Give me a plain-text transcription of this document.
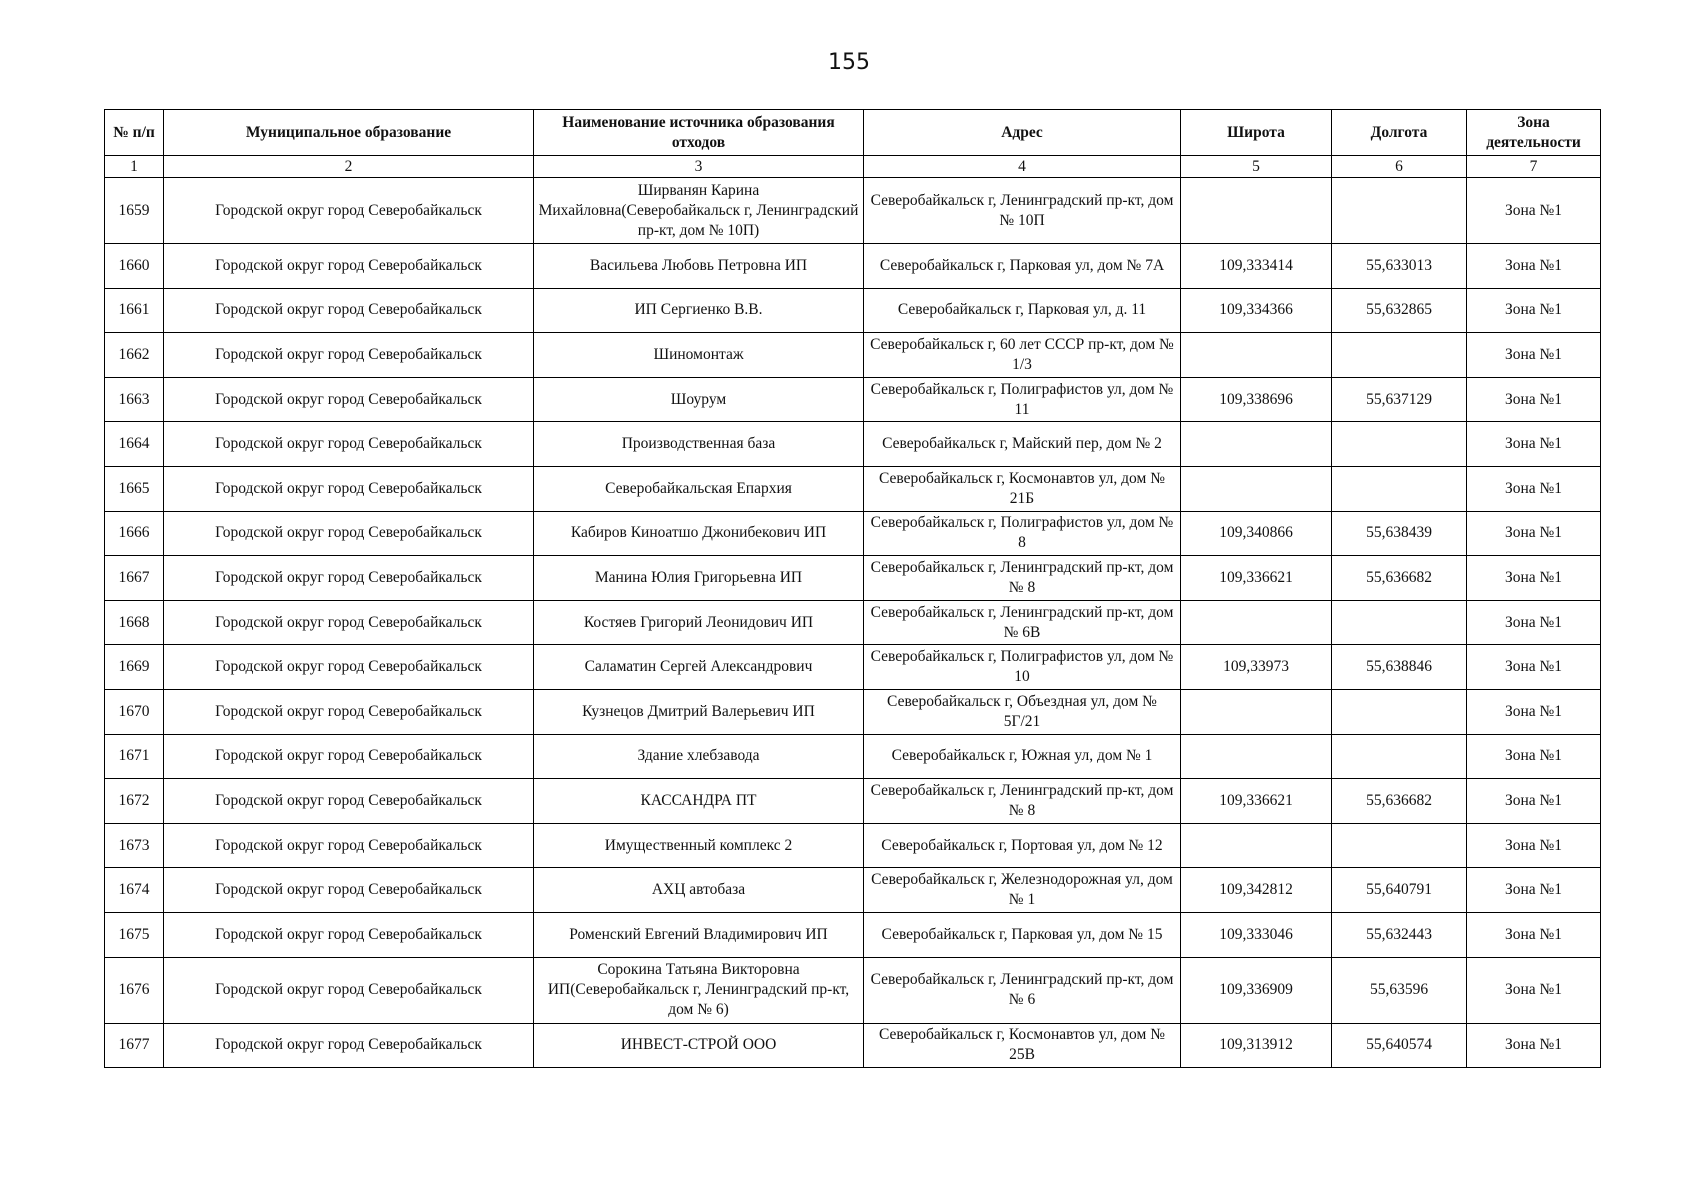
155
№ п/п	Муниципальное образование	Наименование источника образования отходов	Адрес	Широта	Долгота	Зона деятельности
1	2	3	4	5	6	7
1659	Городской округ город Северобайкальск	Ширванян Карина Михайловна(Северобайкальск г, Ленинградский пр-кт, дом № 10П)	Северобайкальск г, Ленинградский пр-кт, дом № 10П			Зона №1
1660	Городской округ город Северобайкальск	Васильева Любовь Петровна ИП	Северобайкальск г, Парковая ул, дом № 7А	109,333414	55,633013	Зона №1
1661	Городской округ город Северобайкальск	ИП Сергиенко В.В.	Северобайкальск г, Парковая ул, д. 11	109,334366	55,632865	Зона №1
1662	Городской округ город Северобайкальск	Шиномонтаж	Северобайкальск г, 60 лет СССР пр-кт, дом № 1/3			Зона №1
1663	Городской округ город Северобайкальск	Шоурум	Северобайкальск г, Полиграфистов ул, дом № 11	109,338696	55,637129	Зона №1
1664	Городской округ город Северобайкальск	Производственная база	Северобайкальск г, Майский пер, дом № 2			Зона №1
1665	Городской округ город Северобайкальск	Северобайкальская Епархия	Северобайкальск г, Космонавтов ул, дом № 21Б			Зона №1
1666	Городской округ город Северобайкальск	Кабиров Киноатшо Джонибекович ИП	Северобайкальск г, Полиграфистов ул, дом № 8	109,340866	55,638439	Зона №1
1667	Городской округ город Северобайкальск	Манина Юлия Григорьевна ИП	Северобайкальск г, Ленинградский пр-кт, дом № 8	109,336621	55,636682	Зона №1
1668	Городской округ город Северобайкальск	Костяев Григорий Леонидович ИП	Северобайкальск г, Ленинградский пр-кт, дом № 6В			Зона №1
1669	Городской округ город Северобайкальск	Саламатин Сергей Александрович	Северобайкальск г, Полиграфистов ул, дом № 10	109,33973	55,638846	Зона №1
1670	Городской округ город Северобайкальск	Кузнецов Дмитрий Валерьевич ИП	Северобайкальск г, Объездная ул, дом № 5Г/21			Зона №1
1671	Городской округ город Северобайкальск	Здание хлебзавода	Северобайкальск г, Южная ул, дом № 1			Зона №1
1672	Городской округ город Северобайкальск	КАССАНДРА ПТ	Северобайкальск г, Ленинградский пр-кт, дом № 8	109,336621	55,636682	Зона №1
1673	Городской округ город Северобайкальск	Имущественный комплекс 2	Северобайкальск г, Портовая ул, дом № 12			Зона №1
1674	Городской округ город Северобайкальск	АХЦ автобаза	Северобайкальск г, Железнодорожная ул, дом № 1	109,342812	55,640791	Зона №1
1675	Городской округ город Северобайкальск	Роменский Евгений Владимирович ИП	Северобайкальск г, Парковая ул, дом № 15	109,333046	55,632443	Зона №1
1676	Городской округ город Северобайкальск	Сорокина Татьяна Викторовна ИП(Северобайкальск г, Ленинградский пр-кт, дом № 6)	Северобайкальск г, Ленинградский пр-кт, дом № 6	109,336909	55,63596	Зона №1
1677	Городской округ город Северобайкальск	ИНВЕСТ-СТРОЙ ООО	Северобайкальск г, Космонавтов ул, дом № 25В	109,313912	55,640574	Зона №1
